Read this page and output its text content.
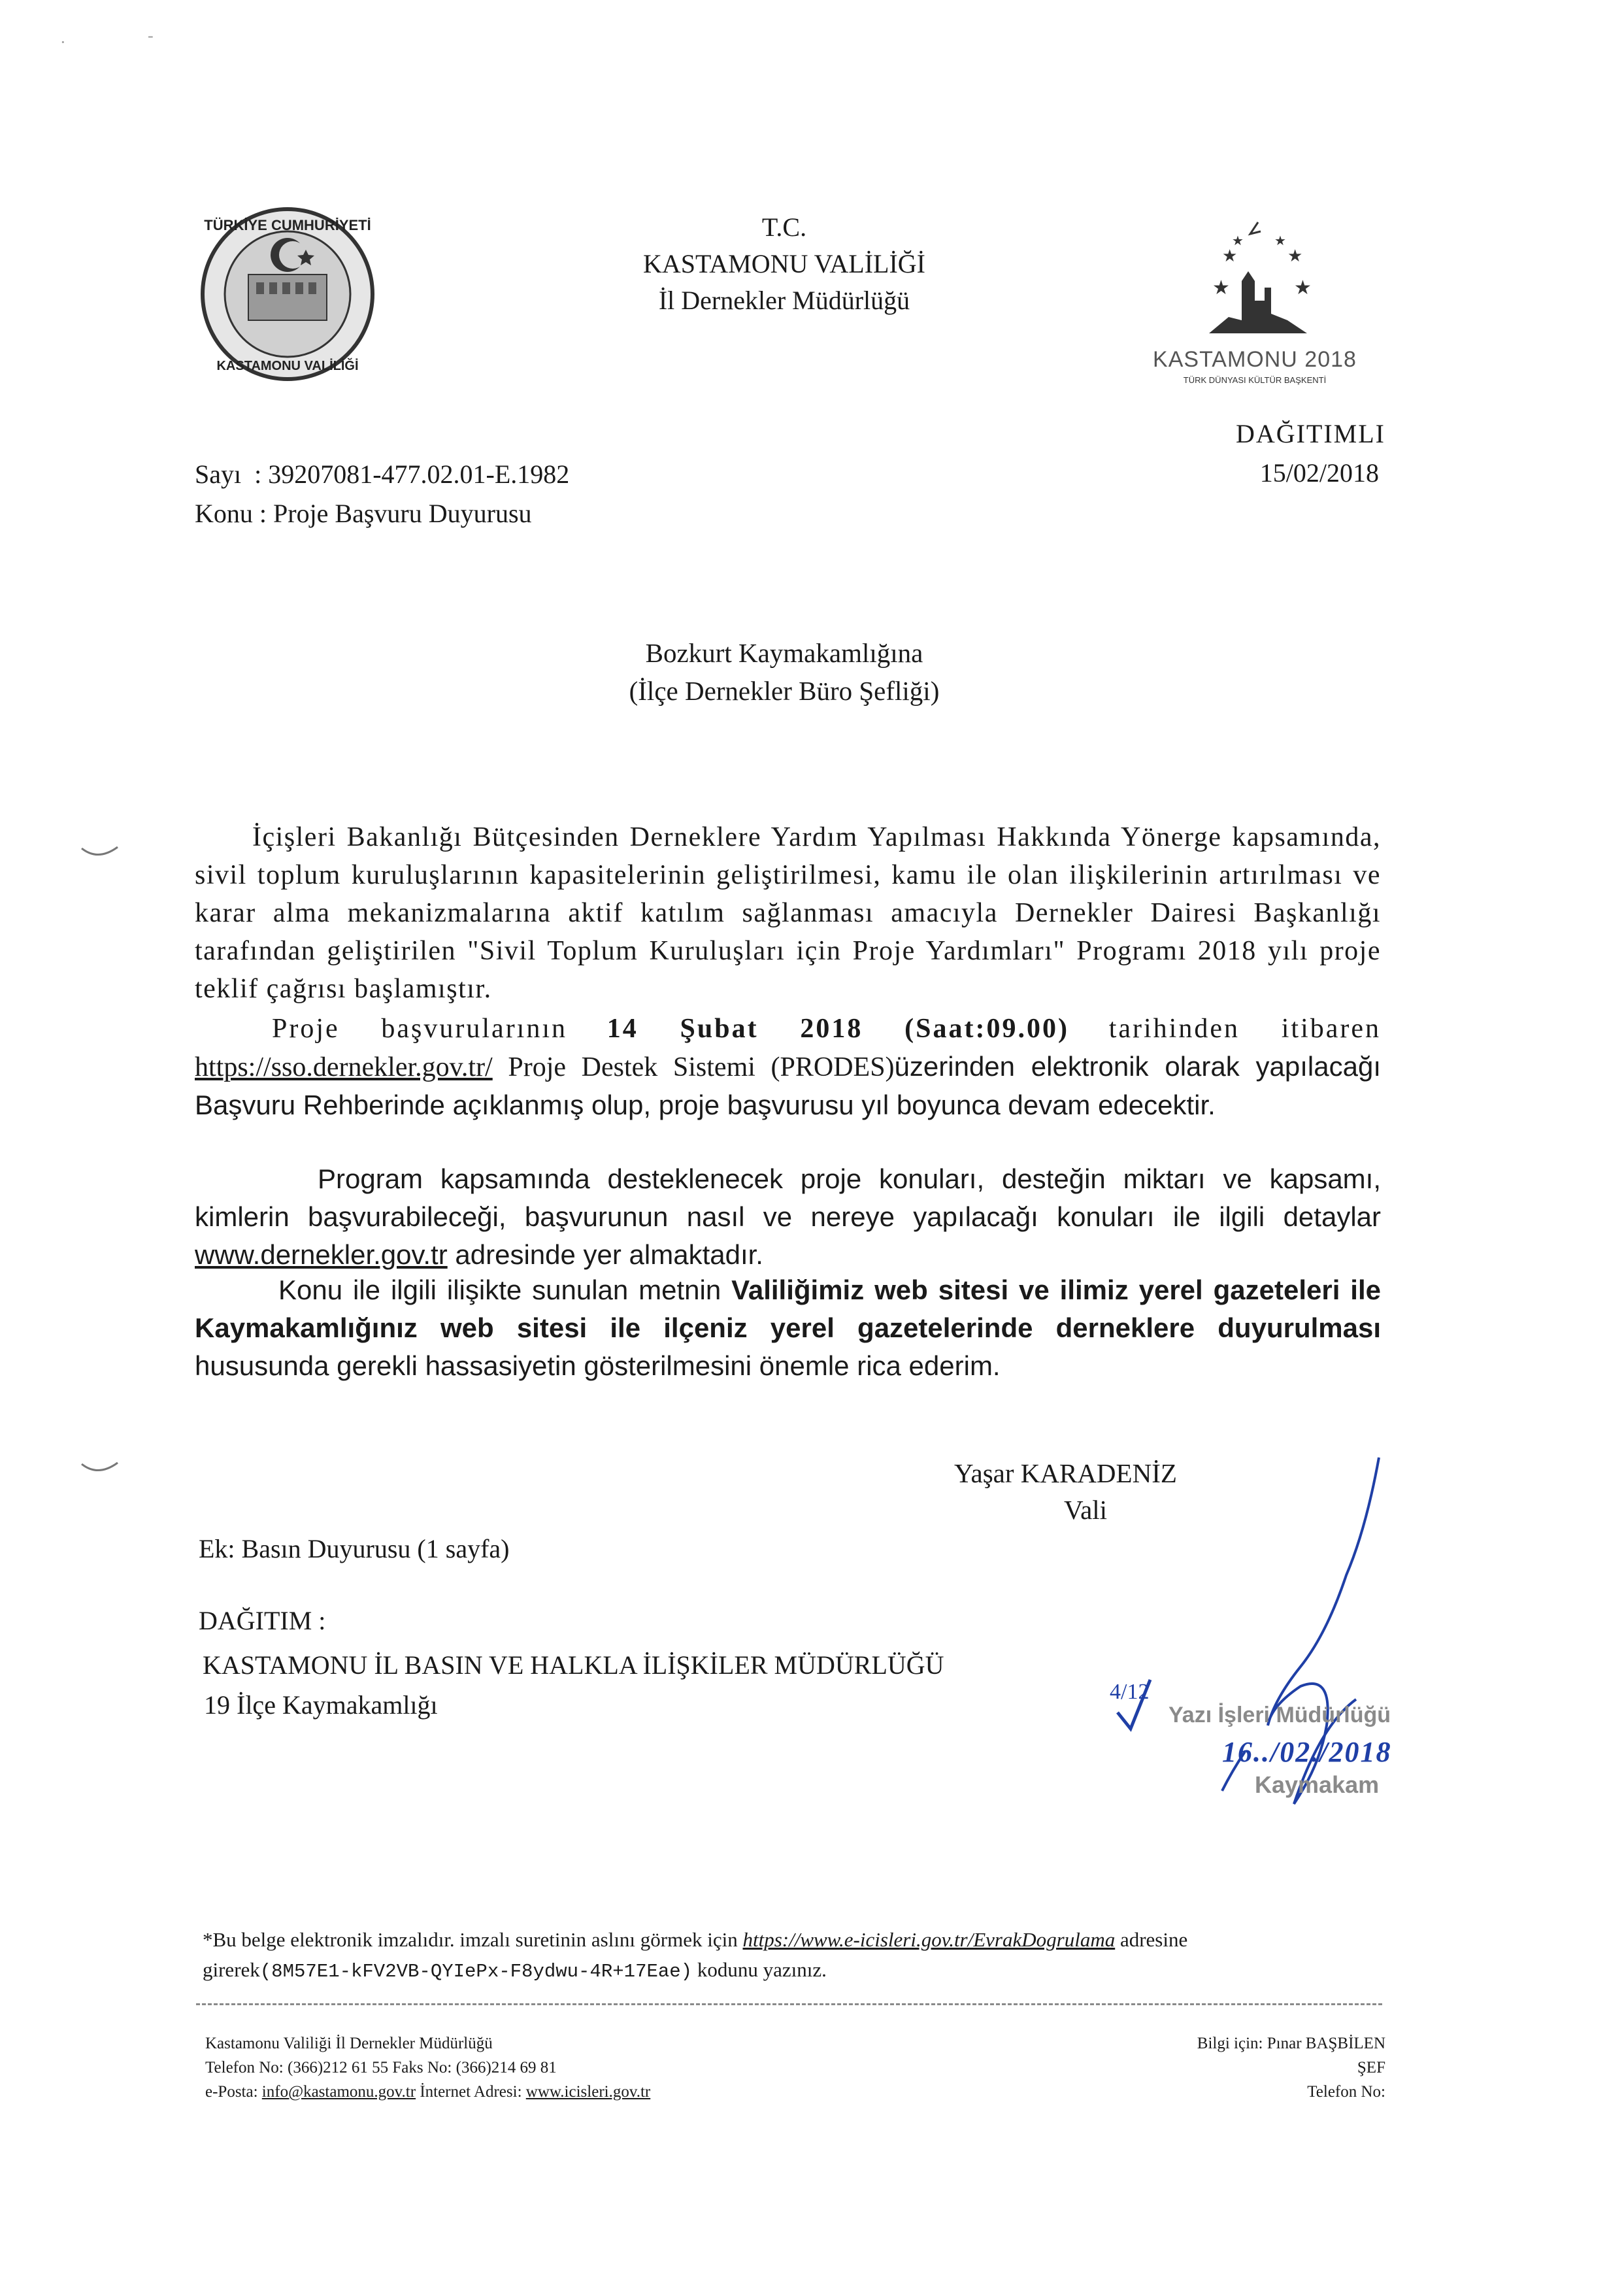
·	-
TÜRKİYE CUMHURİYETİ
KASTAMONU VALİLİĞİ
T.C.
KASTAMONU VALİLİĞİ
İl Dernekler Müdürlüğü
★	★
★	★
★ ★
KASTAMONU 2018
TÜRK DÜNYASI KÜLTÜR BAŞKENTİ
DAĞITIMLI
15/02/2018
Sayı  : 39207081-477.02.01-E.1982
Konu : Proje Başvuru Duyurusu
Bozkurt Kaymakamlığına
(İlçe Dernekler Büro Şefliği)

İçişleri Bakanlığı Bütçesinden Derneklere Yardım Yapılması Hakkında Yönerge kapsamında, sivil toplum kuruluşlarının kapasitelerinin geliştirilmesi, kamu ile olan ilişkilerinin artırılması ve karar alma mekanizmalarına aktif katılım sağlanması amacıyla Dernekler Dairesi Başkanlığı tarafından geliştirilen "Sivil Toplum Kuruluşları için Proje Yardımları" Programı 2018 yılı proje teklif çağrısı başlamıştır.

Proje başvurularının 14 Şubat 2018 (Saat:09.00) tarihinden itibaren https://sso.dernekler.gov.tr/ Proje Destek Sistemi (PRODES)üzerinden elektronik olarak yapılacağı Başvuru Rehberinde açıklanmış olup, proje başvurusu yıl boyunca devam edecektir.

Program kapsamında desteklenecek proje konuları, desteğin miktarı ve kapsamı, kimlerin başvurabileceği, başvurunun nasıl ve nereye yapılacağı konuları ile ilgili detaylar www.dernekler.gov.tr adresinde yer almaktadır.

Konu ile ilgili ilişikte sunulan metnin Valiliğimiz web sitesi ve ilimiz yerel gazeteleri ile Kaymakamlığınız web sitesi ile ilçeniz yerel gazetelerinde derneklere duyurulması hususunda gerekli hassasiyetin gösterilmesini önemle rica ederim.

Yaşar KARADENİZ
Vali
Ek: Basın Duyurusu (1 sayfa)
DAĞITIM :
KASTAMONU İL BASIN VE HALKLA İLİŞKİLER MÜDÜRLÜĞÜ
19 İlçe Kaymakamlığı	4/12
Yazı İşleri Müdürlüğü
16../02./2018
Kaymakam
*Bu belge elektronik imzalıdır. imzalı suretinin aslını görmek için https://www.e-icisleri.gov.tr/EvrakDogrulama adresine
girerek(8M57E1-kFV2VB-QYIePx-F8ydwu-4R+17Eae) kodunu yazınız.
Kastamonu Valiliği İl Dernekler Müdürlüğü
Telefon No: (366)212 61 55 Faks No: (366)214 69 81
e-Posta: info@kastamonu.gov.tr İnternet Adresi: www.icisleri.gov.tr
Bilgi için: Pınar BAŞBİLEN
ŞEF
Telefon No:
